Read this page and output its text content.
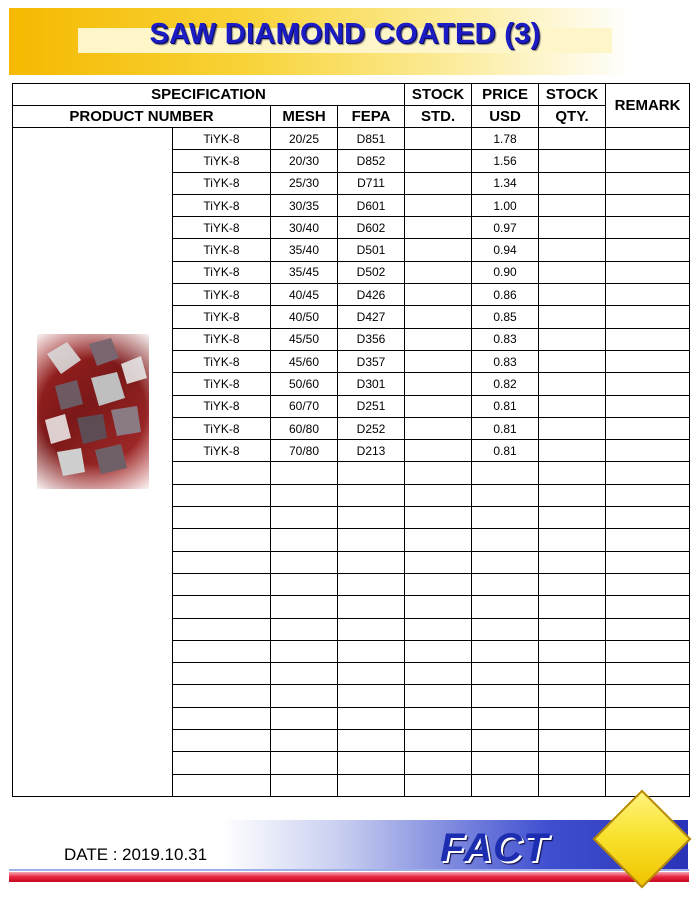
SAW DIAMOND COATED (3)
SPECIFICATION				STOCK	PRICE	STOCK	REMARK
PRODUCT NUMBER		MESH	FEPA	STD.	USD	QTY.	

	TiYK-8	20/25	D851		1.78		
	TiYK-8	20/30	D852		1.56		
	TiYK-8	25/30	D711		1.34		
	TiYK-8	30/35	D601		1.00		
	TiYK-8	30/40	D602		0.97		
	TiYK-8	35/40	D501		0.94		
	TiYK-8	35/45	D502		0.90		
	TiYK-8	40/45	D426		0.86		
	TiYK-8	40/50	D427		0.85		
	TiYK-8	45/50	D356		0.83		
	TiYK-8	45/60	D357		0.83		
	TiYK-8	50/60	D301		0.82		
	TiYK-8	60/70	D251		0.81		
	TiYK-8	60/80	D252		0.81		
	TiYK-8	70/80	D213		0.81		

DATE : 2019.10.31	FACT
